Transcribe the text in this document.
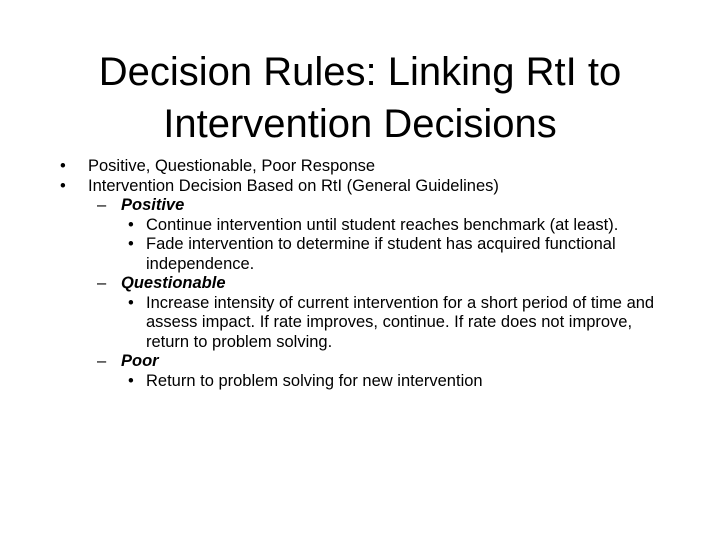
Decision Rules: Linking RtI to
Intervention Decisions

• Positive, Questionable, Poor Response

• Intervention Decision Based on RtI (General Guidelines)

– Positive

• Continue intervention until student reaches benchmark (at least).

• Fade intervention to determine if student has acquired functional independence.

– Questionable

• Increase intensity of current intervention for a short period of time and assess impact. If rate improves, continue. If rate does not improve, return to problem solving.

– Poor

• Return to problem solving for new intervention
